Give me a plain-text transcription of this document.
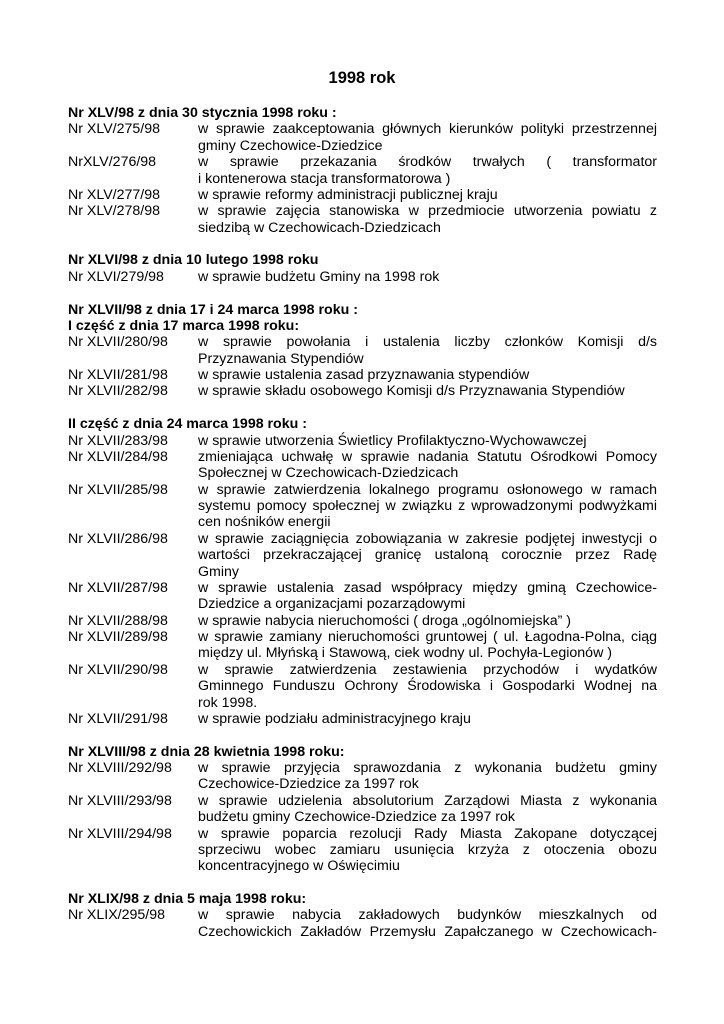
1998 rok
Nr XLV/98 z dnia 30 stycznia 1998 roku :
Nr XLV/275/98	w sprawie zaakceptowania głównych kierunków polityki przestrzennej
gminy Czechowice-Dziedzice
NrXLV/276/98	w sprawie przekazania środków trwałych ( transformator
i kontenerowa stacja transformatorowa )
Nr XLV/277/98	w sprawie reformy administracji publicznej kraju
Nr XLV/278/98	w sprawie zajęcia stanowiska w przedmiocie utworzenia powiatu z
siedzibą w Czechowicach-Dziedzicach
Nr XLVI/98 z dnia 10 lutego 1998 roku
Nr XLVI/279/98	w sprawie budżetu Gminy na 1998 rok
Nr XLVII/98 z dnia 17 i 24 marca 1998 roku :
I część z dnia 17 marca 1998 roku:
Nr XLVII/280/98	w sprawie powołania i ustalenia liczby członków Komisji d/s
Przyznawania Stypendiów
Nr XLVII/281/98	w sprawie ustalenia zasad przyznawania stypendiów
Nr XLVII/282/98	w sprawie składu osobowego Komisji d/s Przyznawania Stypendiów
II część z dnia 24 marca 1998 roku :
Nr XLVII/283/98	w sprawie utworzenia Świetlicy Profilaktyczno-Wychowawczej
Nr XLVII/284/98	zmieniająca uchwałę w sprawie nadania Statutu Ośrodkowi Pomocy
Społecznej w Czechowicach-Dziedzicach
Nr XLVII/285/98	w sprawie zatwierdzenia lokalnego programu osłonowego w ramach
systemu pomocy społecznej w związku z wprowadzonymi podwyżkami
cen nośników energii
Nr XLVII/286/98	w sprawie zaciągnięcia zobowiązania w zakresie podjętej inwestycji o
wartości przekraczającej granicę ustaloną corocznie przez Radę
Gminy
Nr XLVII/287/98	w sprawie ustalenia zasad współpracy między gminą Czechowice-
Dziedzice a organizacjami pozarządowymi
Nr XLVII/288/98	w sprawie nabycia nieruchomości ( droga „ogólnomiejska” )
Nr XLVII/289/98	w sprawie zamiany nieruchomości gruntowej ( ul. Łagodna-Polna, ciąg
między ul. Młyńską i Stawową, ciek wodny ul. Pochyła-Legionów )
Nr XLVII/290/98	w sprawie zatwierdzenia zestawienia przychodów i wydatków
Gminnego Funduszu Ochrony Środowiska i Gospodarki Wodnej na
rok 1998.
Nr XLVII/291/98	w sprawie podziału administracyjnego kraju
Nr XLVIII/98 z dnia 28 kwietnia 1998 roku:
Nr XLVIII/292/98	w sprawie przyjęcia sprawozdania z wykonania budżetu gminy
Czechowice-Dziedzice za 1997 rok
Nr XLVIII/293/98	w sprawie udzielenia absolutorium Zarządowi Miasta z wykonania
budżetu gminy Czechowice-Dziedzice za 1997 rok
Nr XLVIII/294/98	w sprawie poparcia rezolucji Rady Miasta Zakopane dotyczącej
sprzeciwu wobec zamiaru usunięcia krzyża z otoczenia obozu
koncentracyjnego w Oświęcimiu
Nr XLIX/98 z dnia 5 maja 1998 roku:
Nr XLIX/295/98	w sprawie nabycia zakładowych budynków mieszkalnych od
Czechowickich Zakładów Przemysłu Zapałczanego w Czechowicach-
